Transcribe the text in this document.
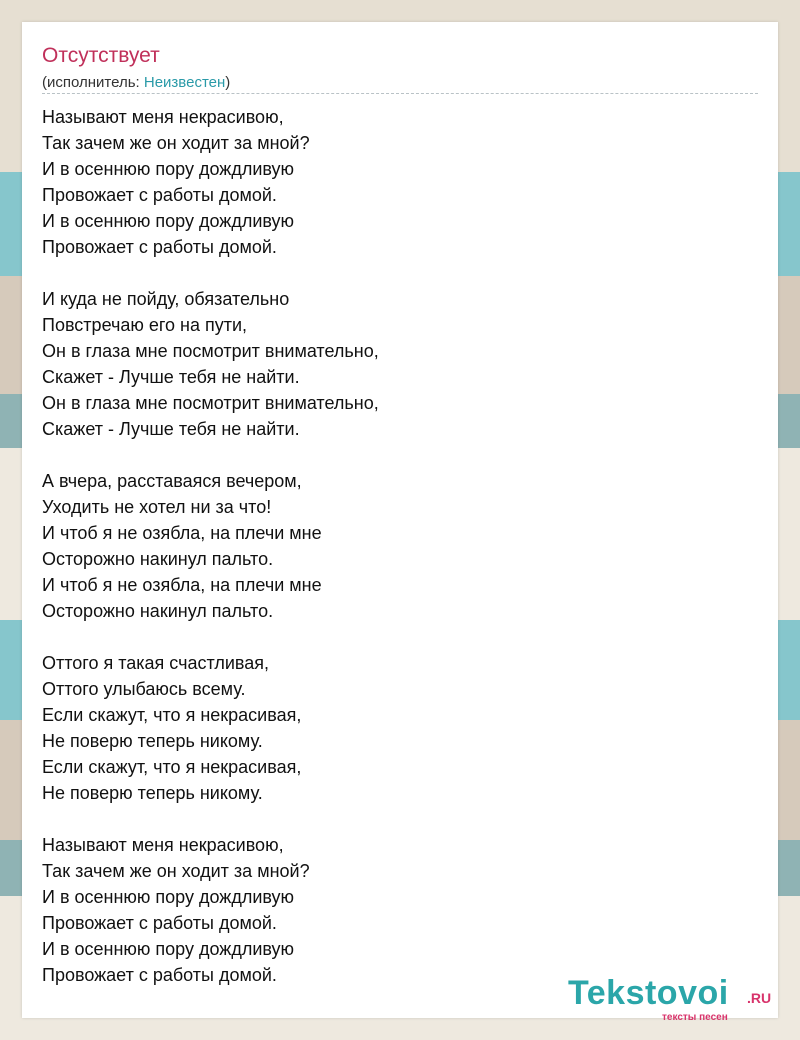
Отсутствует
(исполнитель: Неизвестен)
Называют меня некрасивою,
Так зачем же он ходит за мной?
И в осеннюю пору дождливую
Провожает с работы домой.
И в осеннюю пору дождливую
Провожает с работы домой.
И куда не пойду, обязательно
Повстречаю его на пути,
Он в глаза мне посмотрит внимательно,
Скажет - Лучше тебя не найти.
Он в глаза мне посмотрит внимательно,
Скажет - Лучше тебя не найти.
А вчера, расставаяся вечером,
Уходить не хотел ни за что!
И чтоб я не озябла, на плечи мне
Осторожно накинул пальто.
И чтоб я не озябла, на плечи мне
Осторожно накинул пальто.
Оттого я такая счастливая,
Оттого улыбаюсь всему.
Если скажут, что я некрасивая,
Не поверю теперь никому.
Если скажут, что я некрасивая,
Не поверю теперь никому.
Называют меня некрасивою,
Так зачем же он ходит за мной?
И в осеннюю пору дождливую
Провожает с работы домой.
И в осеннюю пору дождливую
Провожает с работы домой.	Tekstovoi .RU
тексты песен
